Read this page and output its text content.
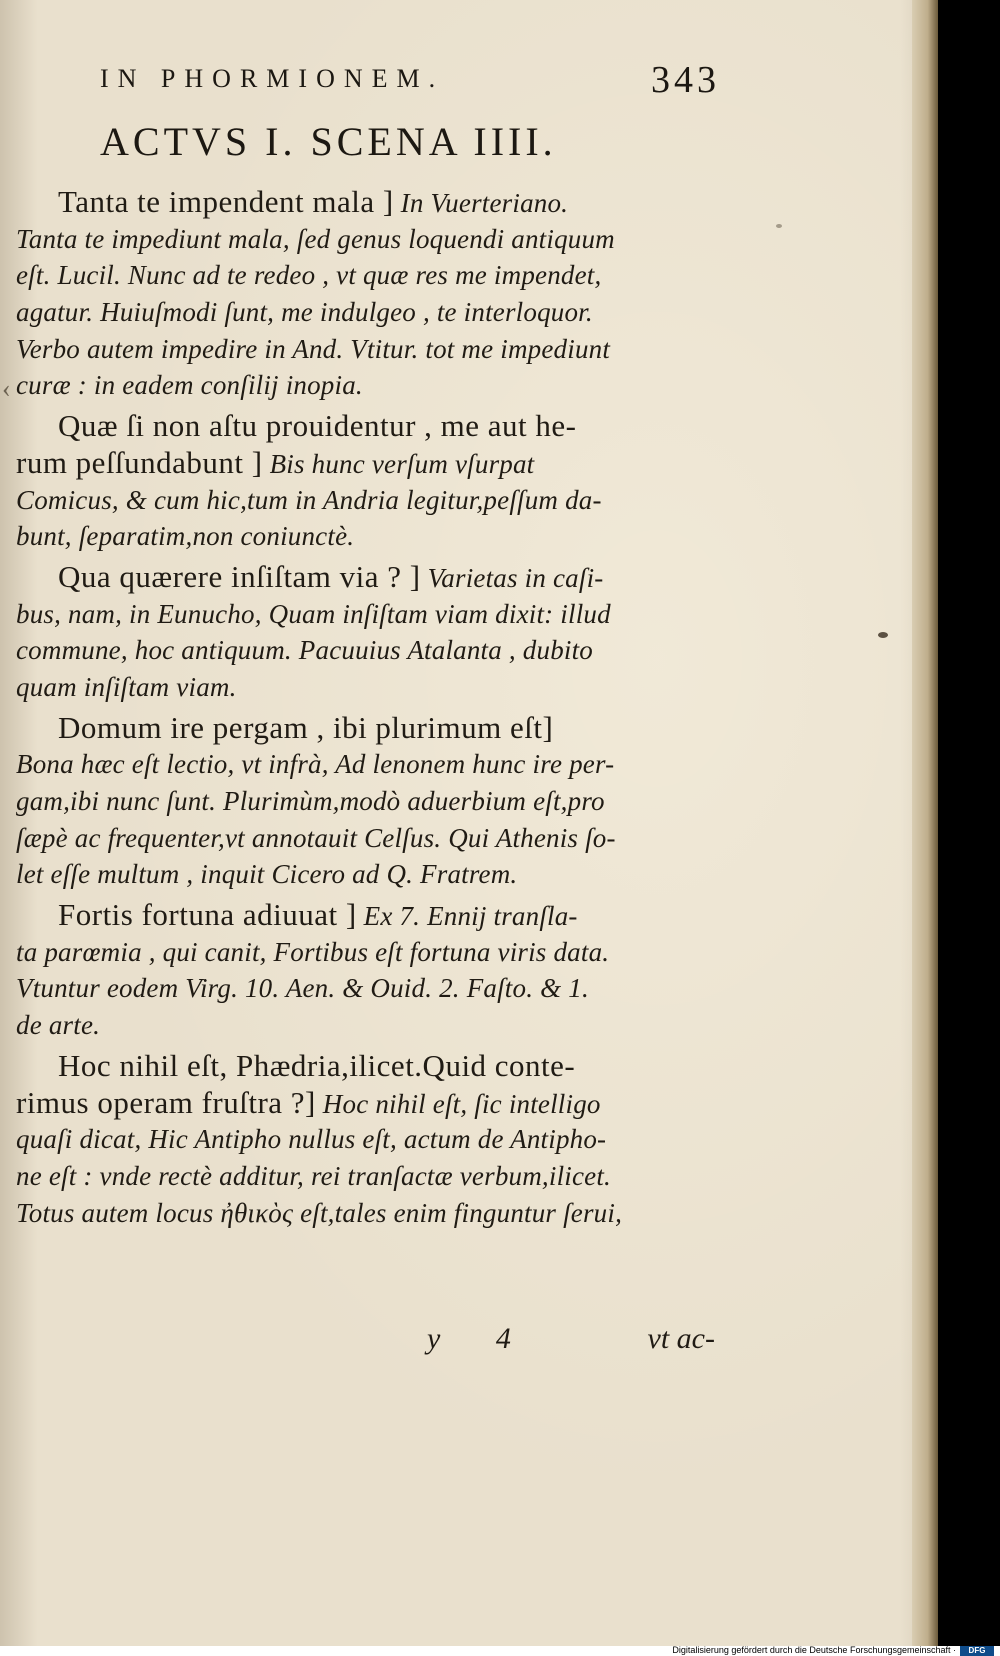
IN PHORMIONEM.	343
ACTVS I. SCENA IIII.
Tanta te impendent mala ] In Vuerteriano.
Tanta te impediunt mala, ſed genus loquendi antiquum
eſt. Lucil. Nunc ad te redeo , vt quæ res me impendet,
agatur. Huiuſmodi ſunt, me indulgeo , te interloquor.
Verbo autem impedire in And. Vtitur. tot me impediunt
curæ : in eadem conſilij inopia.
Quæ ſi non aſtu prouidentur , me aut he-
rum peſſundabunt ] Bis hunc verſum vſurpat
Comicus, & cum hic,tum in Andria legitur,peſſum da-
bunt, ſeparatim,non coniunctè.
Qua quærere inſiſtam via ? ] Varietas in caſi-
bus, nam, in Eunucho, Quam inſiſtam viam dixit: illud
commune, hoc antiquum. Pacuuius Atalanta , dubito
quam inſiſtam viam.
Domum ire pergam , ibi plurimum eſt]
Bona hæc eſt lectio, vt infrà, Ad lenonem hunc ire per-
gam,ibi nunc ſunt. Plurimùm,modò aduerbium eſt,pro
ſæpè ac frequenter,vt annotauit Celſus. Qui Athenis ſo-
let eſſe multum , inquit Cicero ad Q. Fratrem.
Fortis fortuna adiuuat ] Ex 7. Ennij tranſla-
ta parœmia , qui canit, Fortibus eſt fortuna viris data.
Vtuntur eodem Virg. 10. Aen. & Ouid. 2. Faſto. & 1.
de arte.
Hoc nihil eſt, Phædria,ilicet.Quid conte-
rimus operam fruſtra ?] Hoc nihil eſt, ſic intelligo
quaſi dicat, Hic Antipho nullus eſt, actum de Antipho-
ne eſt : vnde rectè additur, rei tranſactæ verbum,ilicet.
Totus autem locus ἠθικὸς eſt,tales enim finguntur ſerui,
y 4	vt ac-
‹
Digitalisierung gefördert durch die Deutsche Forschungsgemeinschaft ·	DFG
